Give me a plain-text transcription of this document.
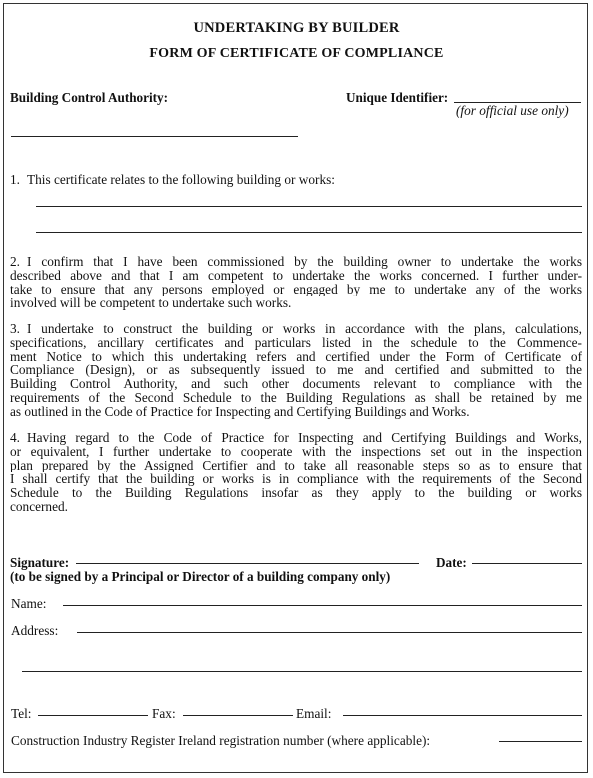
UNDERTAKING BY BUILDER
FORM OF CERTIFICATE OF COMPLIANCE
Building Control Authority:	Unique Identifier:
(for official use only)
1. This certificate relates to the following building or works:
2. I confirm that I have been commissioned by the building owner to undertake the works
described above and that I am competent to undertake the works concerned. I further under-
take to ensure that any persons employed or engaged by me to undertake any of the works
involved will be competent to undertake such works.
3. I undertake to construct the building or works in accordance with the plans, calculations,
specifications, ancillary certificates and particulars listed in the schedule to the Commence-
ment Notice to which this undertaking refers and certified under the Form of Certificate of
Compliance (Design), or as subsequently issued to me and certified and submitted to the
Building Control Authority, and such other documents relevant to compliance with the
requirements of the Second Schedule to the Building Regulations as shall be retained by me
as outlined in the Code of Practice for Inspecting and Certifying Buildings and Works.
4. Having regard to the Code of Practice for Inspecting and Certifying Buildings and Works,
or equivalent, I further undertake to cooperate with the inspections set out in the inspection
plan prepared by the Assigned Certifier and to take all reasonable steps so as to ensure that
I shall certify that the building or works is in compliance with the requirements of the Second
Schedule to the Building Regulations insofar as they apply to the building or works
concerned.
Signature:	Date:
(to be signed by a Principal or Director of a building company only)
Name:
Address:
Tel:	Fax:	Email:
Construction Industry Register Ireland registration number (where applicable):
